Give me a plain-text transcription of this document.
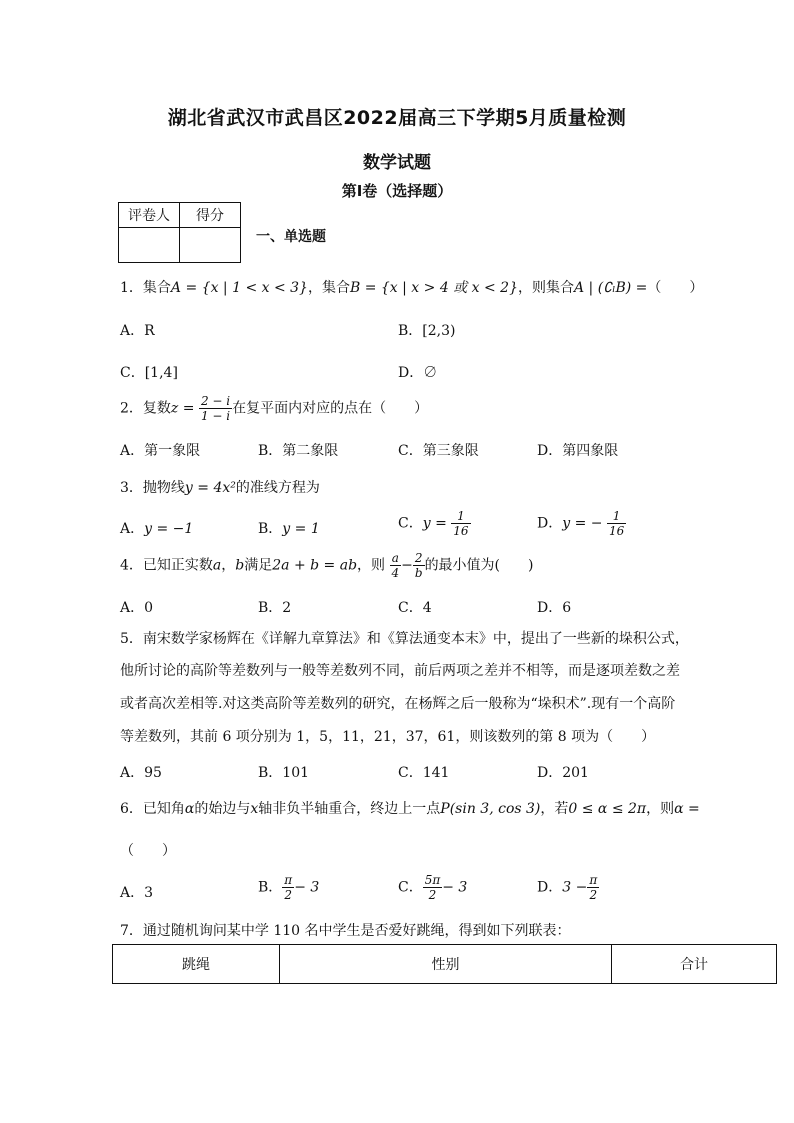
湖北省武汉市武昌区2022届高三下学期5月质量检测
数学试题
第I卷（选择题）
评卷人	得分

一、单选题
1．集合A = {x | 1 < x < 3}，集合B = {x | x > 4 或 x < 2}，则集合A | (∁ₗB) =（　　）
A．R	B．[2,3)
C．[1,4]	D．∅
2．复数$z = \frac{2 - i}{1 - i}$ 在复平面内对应的点在（　　）
A．第一象限	B．第二象限	C．第三象限	D．第四象限
3．抛物线y = 4x²的准线方程为
A．y = −1	B．y = 1	C．$y = \frac{1}{16}$	D．y = − $\frac{1}{16}$
4．已知正实数a，b满足2a + b = ab，则 $\frac{a}{4} - \frac{2}{b}$ 的最小值为(　　)
A．0	B．2	C．4	D．6
5．南宋数学家杨辉在《详解九章算法》和《算法通变本末》中，提出了一些新的垛积公式，
他所讨论的高阶等差数列与一般等差数列不同，前后两项之差并不相等，而是逐项差数之差
或者高次差相等.对这类高阶等差数列的研究，在杨辉之后一般称为“垛积术”.现有一个高阶
等差数列，其前 6 项分别为 1，5，11，21，37，61，则该数列的第 8 项为（　　）
A．95	B．101	C．141	D．201
6．已知角α的始边与x轴非负半轴重合，终边上一点P(sin 3, cos 3)，若0 ≤ α ≤ 2π，则α =
（　　）
A．3	B． $\frac{\pi}{2} - 3$	C． $\frac{5\pi}{2} - 3$	D．$3 - \frac{\pi}{2}$
7．通过随机询问某中学 110 名中学生是否爱好跳绳，得到如下列联表：
跳绳	性别	合计
